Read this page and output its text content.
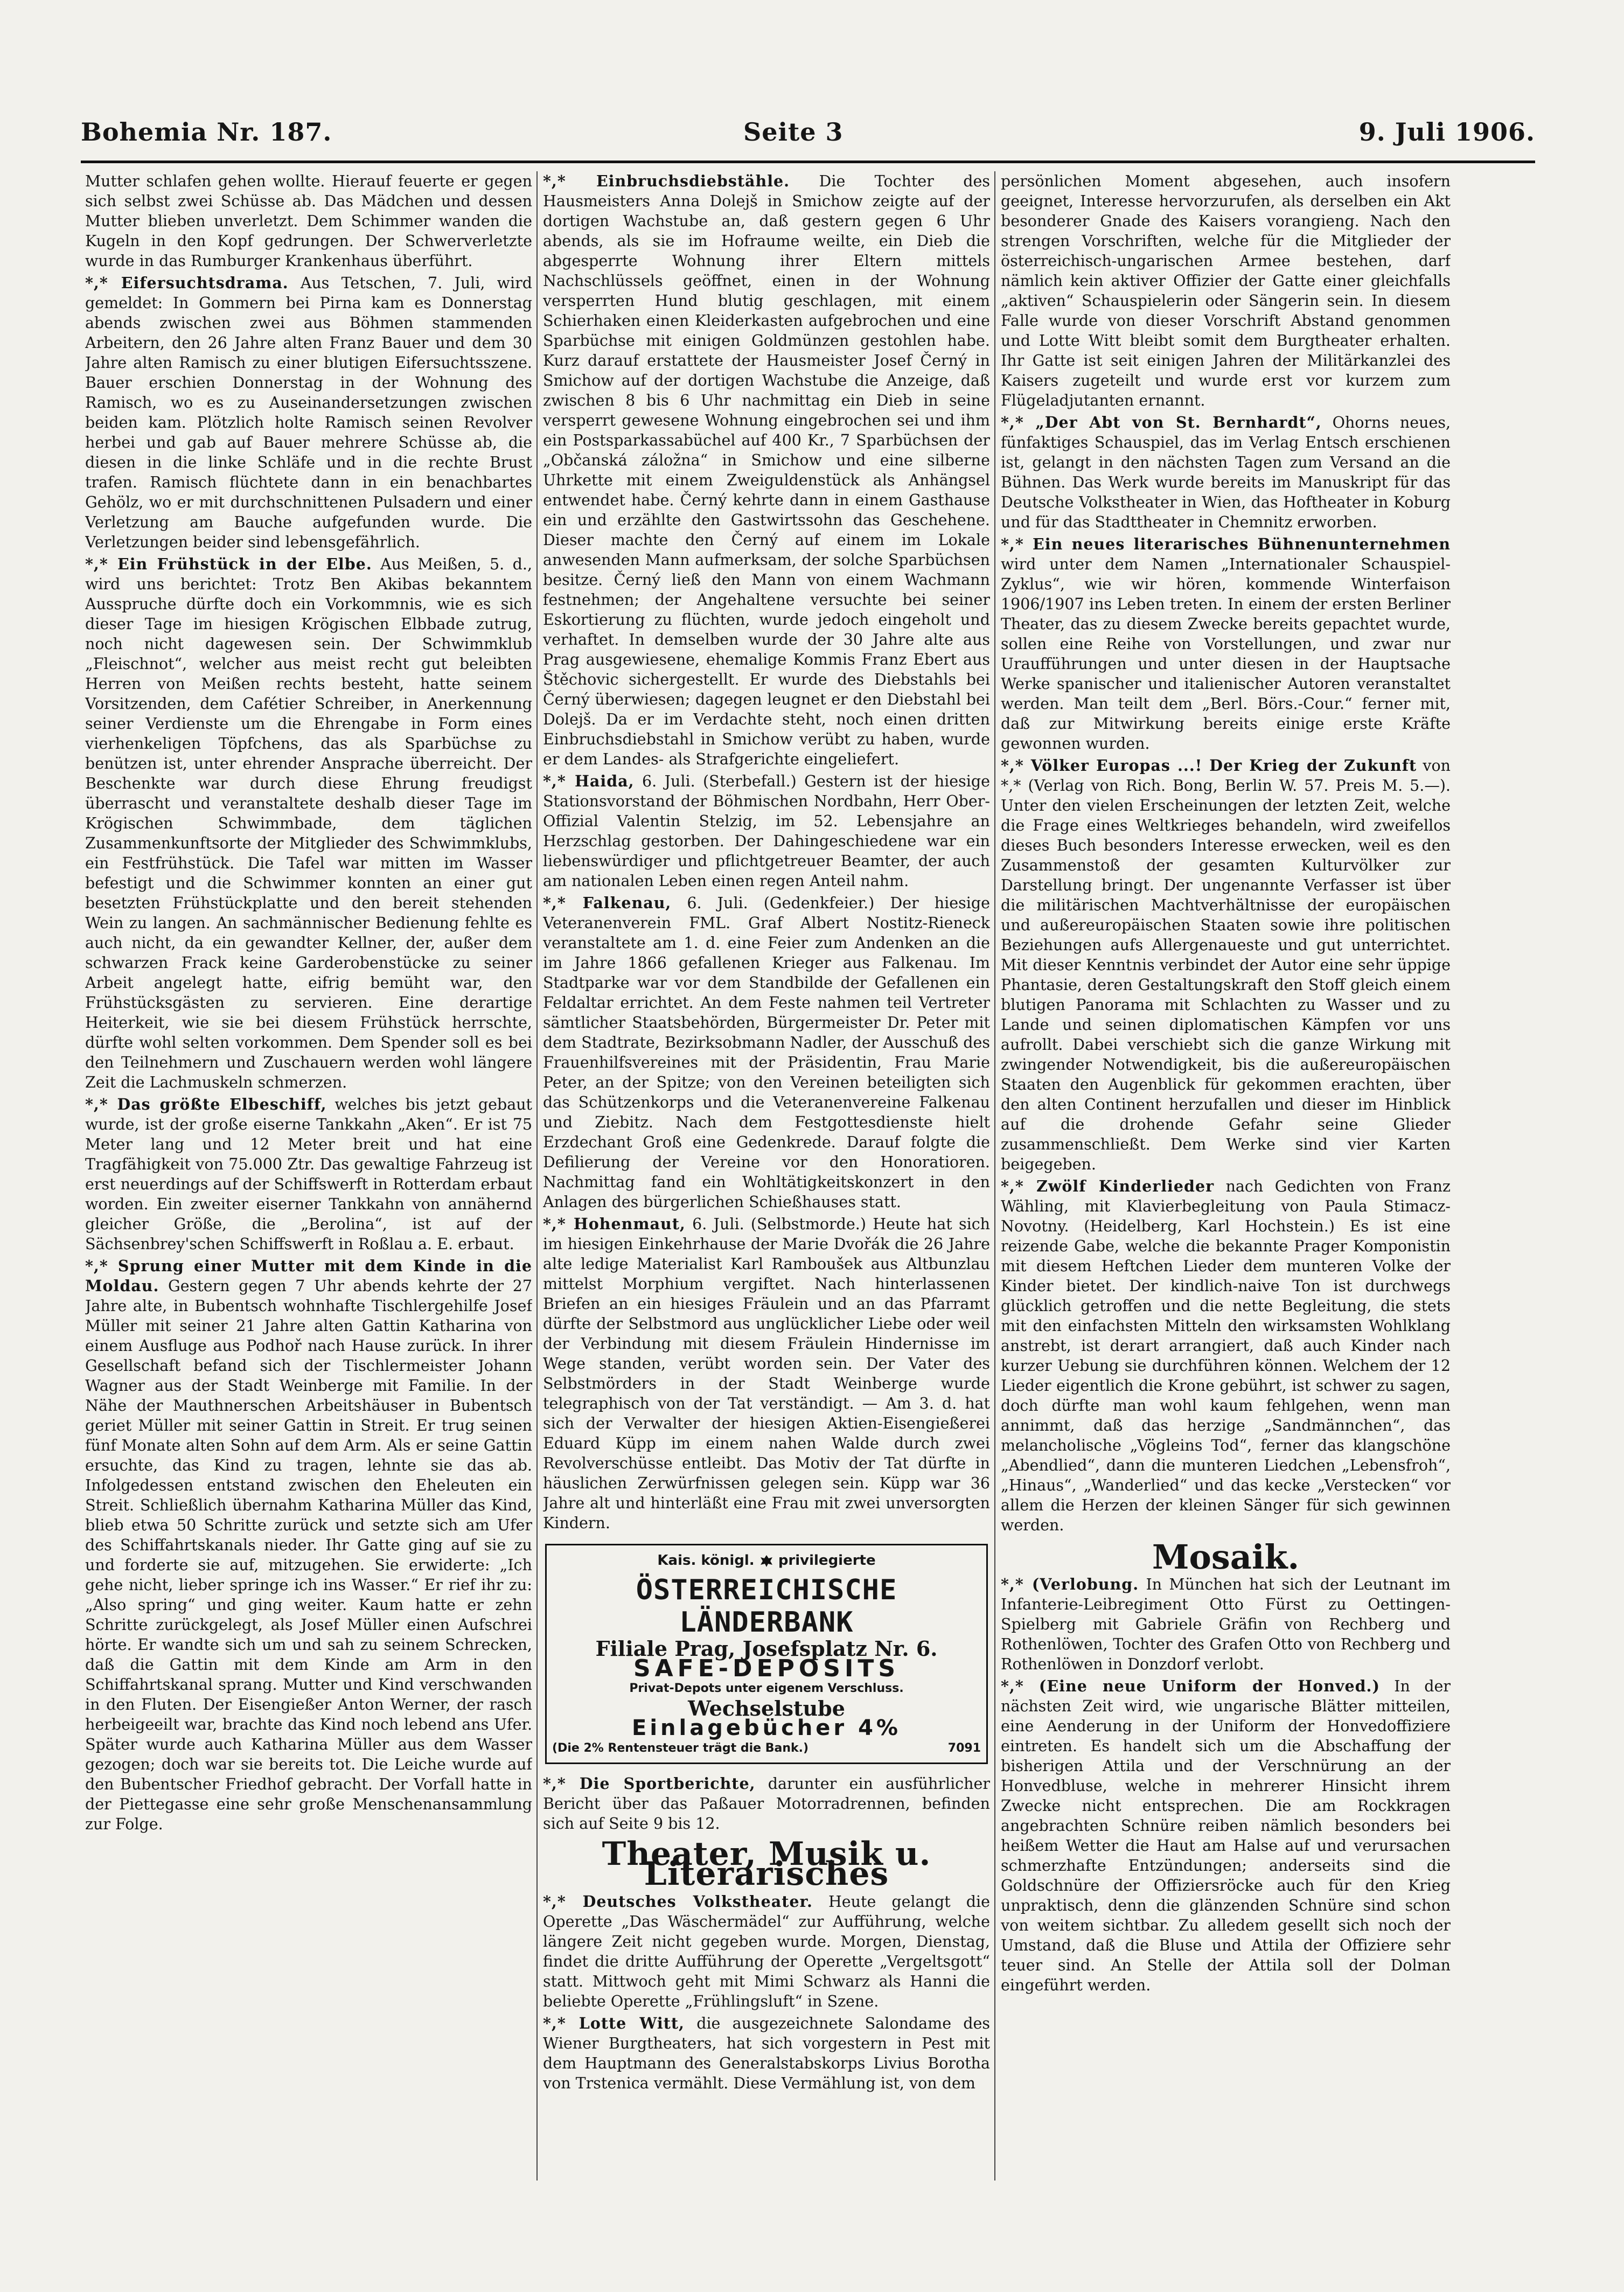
Bohemia Nr. 187.	Seite 3	9. Juli 1906.

Mutter schlafen gehen wollte. Hierauf feuerte er gegen sich selbst zwei Schüsse ab. Das Mädchen und dessen Mutter blieben unverletzt. Dem Schimmer wanden die Kugeln in den Kopf gedrungen. Der Schwerverletzte wurde in das Rumburger Krankenhaus überführt.

*,* Eifersuchtsdrama. Aus Tetschen, 7. Juli, wird gemeldet: In Gommern bei Pirna kam es Donnerstag abends zwischen zwei aus Böhmen stammenden Arbeitern, den 26 Jahre alten Franz Bauer und dem 30 Jahre alten Ramisch zu einer blutigen Eifersuchtsszene. Bauer erschien Donnerstag in der Wohnung des Ramisch, wo es zu Auseinandersetzungen zwischen beiden kam. Plötzlich holte Ramisch seinen Revolver herbei und gab auf Bauer mehrere Schüsse ab, die diesen in die linke Schläfe und in die rechte Brust trafen. Ramisch flüchtete dann in ein benachbartes Gehölz, wo er mit durchschnittenen Pulsadern und einer Verletzung am Bauche aufgefunden wurde. Die Verletzungen beider sind lebensgefährlich.

*,* Ein Frühstück in der Elbe. Aus Meißen, 5. d., wird uns berichtet: Trotz Ben Akibas bekanntem Ausspruche dürfte doch ein Vorkommnis, wie es sich dieser Tage im hiesigen Krögischen Elbbade zutrug, noch nicht dagewesen sein. Der Schwimmklub „Fleischnot“, welcher aus meist recht gut beleibten Herren von Meißen rechts besteht, hatte seinem Vorsitzenden, dem Cafétier Schreiber, in Anerkennung seiner Verdienste um die Ehrengabe in Form eines vierhenkeligen Töpfchens, das als Sparbüchse zu benützen ist, unter ehrender Ansprache überreicht. Der Beschenkte war durch diese Ehrung freudigst überrascht und veranstaltete deshalb dieser Tage im Krögischen Schwimmbade, dem täglichen Zusammenkunftsorte der Mitglieder des Schwimmklubs, ein Festfrühstück. Die Tafel war mitten im Wasser befestigt und die Schwimmer konnten an einer gut besetzten Frühstückplatte und den bereit stehenden Wein zu langen. An sachmännischer Bedienung fehlte es auch nicht, da ein gewandter Kellner, der, außer dem schwarzen Frack keine Garderobenstücke zu seiner Arbeit angelegt hatte, eifrig bemüht war, den Frühstücksgästen zu servieren. Eine derartige Heiterkeit, wie sie bei diesem Frühstück herrschte, dürfte wohl selten vorkommen. Dem Spender soll es bei den Teilnehmern und Zuschauern werden wohl längere Zeit die Lachmuskeln schmerzen.

*,* Das größte Elbeschiff, welches bis jetzt gebaut wurde, ist der große eiserne Tankkahn „Aken“. Er ist 75 Meter lang und 12 Meter breit und hat eine Tragfähigkeit von 75.000 Ztr. Das gewaltige Fahrzeug ist erst neuerdings auf der Schiffswerft in Rotterdam erbaut worden. Ein zweiter eiserner Tankkahn von annähernd gleicher Größe, die „Berolina“, ist auf der Sächsenbrey'schen Schiffswerft in Roßlau a. E. erbaut.

*,* Sprung einer Mutter mit dem Kinde in die Moldau. Gestern gegen 7 Uhr abends kehrte der 27 Jahre alte, in Bubentsch wohnhafte Tischlergehilfe Josef Müller mit seiner 21 Jahre alten Gattin Katharina von einem Ausfluge aus Podhoř nach Hause zurück. In ihrer Gesellschaft befand sich der Tischlermeister Johann Wagner aus der Stadt Weinberge mit Familie. In der Nähe der Mauthnerschen Arbeitshäuser in Bubentsch geriet Müller mit seiner Gattin in Streit. Er trug seinen fünf Monate alten Sohn auf dem Arm. Als er seine Gattin ersuchte, das Kind zu tragen, lehnte sie das ab. Infolgedessen entstand zwischen den Eheleuten ein Streit. Schließlich übernahm Katharina Müller das Kind, blieb etwa 50 Schritte zurück und setzte sich am Ufer des Schiffahrtskanals nieder. Ihr Gatte ging auf sie zu und forderte sie auf, mitzugehen. Sie erwiderte: „Ich gehe nicht, lieber springe ich ins Wasser.“ Er rief ihr zu: „Also spring“ und ging weiter. Kaum hatte er zehn Schritte zurückgelegt, als Josef Müller einen Aufschrei hörte. Er wandte sich um und sah zu seinem Schrecken, daß die Gattin mit dem Kinde am Arm in den Schiffahrtskanal sprang. Mutter und Kind verschwanden in den Fluten. Der Eisengießer Anton Werner, der rasch herbeigeeilt war, brachte das Kind noch lebend ans Ufer. Später wurde auch Katharina Müller aus dem Wasser gezogen; doch war sie bereits tot. Die Leiche wurde auf den Bubentscher Friedhof gebracht. Der Vorfall hatte in der Piettegasse eine sehr große Menschenansammlung zur Folge.

*,* Einbruchsdiebstähle. Die Tochter des Hausmeisters Anna Dolejš in Smichow zeigte auf der dortigen Wachstube an, daß gestern gegen 6 Uhr abends, als sie im Hofraume weilte, ein Dieb die abgesperrte Wohnung ihrer Eltern mittels Nachschlüssels geöffnet, einen in der Wohnung versperrten Hund blutig geschlagen, mit einem Schierhaken einen Kleiderkasten aufgebrochen und eine Sparbüchse mit einigen Goldmünzen gestohlen habe. Kurz darauf erstattete der Hausmeister Josef Černý in Smichow auf der dortigen Wachstube die Anzeige, daß zwischen 8 bis 6 Uhr nachmittag ein Dieb in seine versperrt gewesene Wohnung eingebrochen sei und ihm ein Postsparkassabüchel auf 400 Kr., 7 Sparbüchsen der „Občanská záložna“ in Smichow und eine silberne Uhrkette mit einem Zweiguldenstück als Anhängsel entwendet habe. Černý kehrte dann in einem Gasthause ein und erzählte den Gastwirtssohn das Geschehene. Dieser machte den Černý auf einem im Lokale anwesenden Mann aufmerksam, der solche Sparbüchsen besitze. Černý ließ den Mann von einem Wachmann festnehmen; der Angehaltene versuchte bei seiner Eskortierung zu flüchten, wurde jedoch eingeholt und verhaftet. In demselben wurde der 30 Jahre alte aus Prag ausgewiesene, ehemalige Kommis Franz Ebert aus Štěchovic sichergestellt. Er wurde des Diebstahls bei Černý überwiesen; dagegen leugnet er den Diebstahl bei Dolejš. Da er im Verdachte steht, noch einen dritten Einbruchsdiebstahl in Smichow verübt zu haben, wurde er dem Landes- als Strafgerichte eingeliefert.

*,* Haida, 6. Juli. (Sterbefall.) Gestern ist der hiesige Stationsvorstand der Böhmischen Nordbahn, Herr Ober-Offizial Valentin Stelzig, im 52. Lebensjahre an Herzschlag gestorben. Der Dahingeschiedene war ein liebenswürdiger und pflichtgetreuer Beamter, der auch am nationalen Leben einen regen Anteil nahm.

*,* Falkenau, 6. Juli. (Gedenkfeier.) Der hiesige Veteranenverein FML. Graf Albert Nostitz-Rieneck veranstaltete am 1. d. eine Feier zum Andenken an die im Jahre 1866 gefallenen Krieger aus Falkenau. Im Stadtparke war vor dem Standbilde der Gefallenen ein Feldaltar errichtet. An dem Feste nahmen teil Vertreter sämtlicher Staatsbehörden, Bürgermeister Dr. Peter mit dem Stadtrate, Bezirksobmann Nadler, der Ausschuß des Frauenhilfsvereines mit der Präsidentin, Frau Marie Peter, an der Spitze; von den Vereinen beteiligten sich das Schützenkorps und die Veteranenvereine Falkenau und Ziebitz. Nach dem Festgottesdienste hielt Erzdechant Groß eine Gedenkrede. Darauf folgte die Defilierung der Vereine vor den Honoratioren. Nachmittag fand ein Wohltätigkeitskonzert in den Anlagen des bürgerlichen Schießhauses statt.

*,* Hohenmaut, 6. Juli. (Selbstmorde.) Heute hat sich im hiesigen Einkehrhause der Marie Dvořák die 26 Jahre alte ledige Materialist Karl Ramboušek aus Altbunzlau mittelst Morphium vergiftet. Nach hinterlassenen Briefen an ein hiesiges Fräulein und an das Pfarramt dürfte der Selbstmord aus unglücklicher Liebe oder weil der Verbindung mit diesem Fräulein Hindernisse im Wege standen, verübt worden sein. Der Vater des Selbstmörders in der Stadt Weinberge wurde telegraphisch von der Tat verständigt. — Am 3. d. hat sich der Verwalter der hiesigen Aktien-Eisengießerei Eduard Küpp im einem nahen Walde durch zwei Revolverschüsse entleibt. Das Motiv der Tat dürfte in häuslichen Zerwürfnissen gelegen sein. Küpp war 36 Jahre alt und hinterläßt eine Frau mit zwei unversorgten Kindern.

Kais. königl. privilegierte
ÖSTERREICHISCHE LÄNDERBANK
Filiale Prag, Josefsplatz Nr. 6.
SAFE-DEPOSITS
Privat-Depots unter eigenem Verschluss.
Wechselstube
Einlagebücher 4%
(Die 2% Rentensteuer trägt die Bank.)	7091

*,* Die Sportberichte, darunter ein ausführlicher Bericht über das Paßauer Motorradrennen, befinden sich auf Seite 9 bis 12.

Theater, Musik u. Literarisches

*,* Deutsches Volkstheater. Heute gelangt die Operette „Das Wäschermädel“ zur Aufführung, welche längere Zeit nicht gegeben wurde. Morgen, Dienstag, findet die dritte Aufführung der Operette „Vergeltsgott“ statt. Mittwoch geht mit Mimi Schwarz als Hanni die beliebte Operette „Frühlingsluft“ in Szene.

*,* Lotte Witt, die ausgezeichnete Salondame des Wiener Burgtheaters, hat sich vorgestern in Pest mit dem Hauptmann des Generalstabskorps Livius Borotha von Trstenica vermählt. Diese Vermählung ist, von dem

persönlichen Moment abgesehen, auch insofern geeignet, Interesse hervorzurufen, als derselben ein Akt besonderer Gnade des Kaisers vorangieng. Nach den strengen Vorschriften, welche für die Mitglieder der österreichisch-ungarischen Armee bestehen, darf nämlich kein aktiver Offizier der Gatte einer gleichfalls „aktiven“ Schauspielerin oder Sängerin sein. In diesem Falle wurde von dieser Vorschrift Abstand genommen und Lotte Witt bleibt somit dem Burgtheater erhalten. Ihr Gatte ist seit einigen Jahren der Militärkanzlei des Kaisers zugeteilt und wurde erst vor kurzem zum Flügeladjutanten ernannt.

*,* „Der Abt von St. Bernhardt“, Ohorns neues, fünfaktiges Schauspiel, das im Verlag Entsch erschienen ist, gelangt in den nächsten Tagen zum Versand an die Bühnen. Das Werk wurde bereits im Manuskript für das Deutsche Volkstheater in Wien, das Hoftheater in Koburg und für das Stadttheater in Chemnitz erworben.

*,* Ein neues literarisches Bühnenunternehmen wird unter dem Namen „Internationaler Schauspiel-Zyklus“, wie wir hören, kommende Winterfaison 1906/1907 ins Leben treten. In einem der ersten Berliner Theater, das zu diesem Zwecke bereits gepachtet wurde, sollen eine Reihe von Vorstellungen, und zwar nur Uraufführungen und unter diesen in der Hauptsache Werke spanischer und italienischer Autoren veranstaltet werden. Man teilt dem „Berl. Börs.-Cour.“ ferner mit, daß zur Mitwirkung bereits einige erste Kräfte gewonnen wurden.

*,* Völker Europas ...! Der Krieg der Zukunft von *,* (Verlag von Rich. Bong, Berlin W. 57. Preis M. 5.—). Unter den vielen Erscheinungen der letzten Zeit, welche die Frage eines Weltkrieges behandeln, wird zweifellos dieses Buch besonders Interesse erwecken, weil es den Zusammenstoß der gesamten Kulturvölker zur Darstellung bringt. Der ungenannte Verfasser ist über die militärischen Machtverhältnisse der europäischen und außereuropäischen Staaten sowie ihre politischen Beziehungen aufs Allergenaueste und gut unterrichtet. Mit dieser Kenntnis verbindet der Autor eine sehr üppige Phantasie, deren Gestaltungskraft den Stoff gleich einem blutigen Panorama mit Schlachten zu Wasser und zu Lande und seinen diplomatischen Kämpfen vor uns aufrollt. Dabei verschiebt sich die ganze Wirkung mit zwingender Notwendigkeit, bis die außereuropäischen Staaten den Augenblick für gekommen erachten, über den alten Continent herzufallen und dieser im Hinblick auf die drohende Gefahr seine Glieder zusammenschließt. Dem Werke sind vier Karten beigegeben.

*,* Zwölf Kinderlieder nach Gedichten von Franz Wähling, mit Klavierbegleitung von Paula Stimacz-Novotny. (Heidelberg, Karl Hochstein.) Es ist eine reizende Gabe, welche die bekannte Prager Komponistin mit diesem Heftchen Lieder dem munteren Volke der Kinder bietet. Der kindlich-naive Ton ist durchwegs glücklich getroffen und die nette Begleitung, die stets mit den einfachsten Mitteln den wirksamsten Wohlklang anstrebt, ist derart arrangiert, daß auch Kinder nach kurzer Uebung sie durchführen können. Welchem der 12 Lieder eigentlich die Krone gebührt, ist schwer zu sagen, doch dürfte man wohl kaum fehlgehen, wenn man annimmt, daß das herzige „Sandmännchen“, das melancholische „Vögleins Tod“, ferner das klangschöne „Abendlied“, dann die munteren Liedchen „Lebensfroh“, „Hinaus“, „Wanderlied“ und das kecke „Verstecken“ vor allem die Herzen der kleinen Sänger für sich gewinnen werden.

Mosaik.

*,* (Verlobung. In München hat sich der Leutnant im Infanterie-Leibregiment Otto Fürst zu Oettingen-Spielberg mit Gabriele Gräfin von Rechberg und Rothenlöwen, Tochter des Grafen Otto von Rechberg und Rothenlöwen in Donzdorf verlobt.

*,* (Eine neue Uniform der Honved.) In der nächsten Zeit wird, wie ungarische Blätter mitteilen, eine Aenderung in der Uniform der Honvedoffiziere eintreten. Es handelt sich um die Abschaffung der bisherigen Attila und der Verschnürung an der Honvedbluse, welche in mehrerer Hinsicht ihrem Zwecke nicht entsprechen. Die am Rockkragen angebrachten Schnüre reiben nämlich besonders bei heißem Wetter die Haut am Halse auf und verursachen schmerzhafte Entzündungen; anderseits sind die Goldschnüre der Offiziersröcke auch für den Krieg unpraktisch, denn die glänzenden Schnüre sind schon von weitem sichtbar. Zu alledem gesellt sich noch der Umstand, daß die Bluse und Attila der Offiziere sehr teuer sind. An Stelle der Attila soll der Dolman eingeführt werden.
